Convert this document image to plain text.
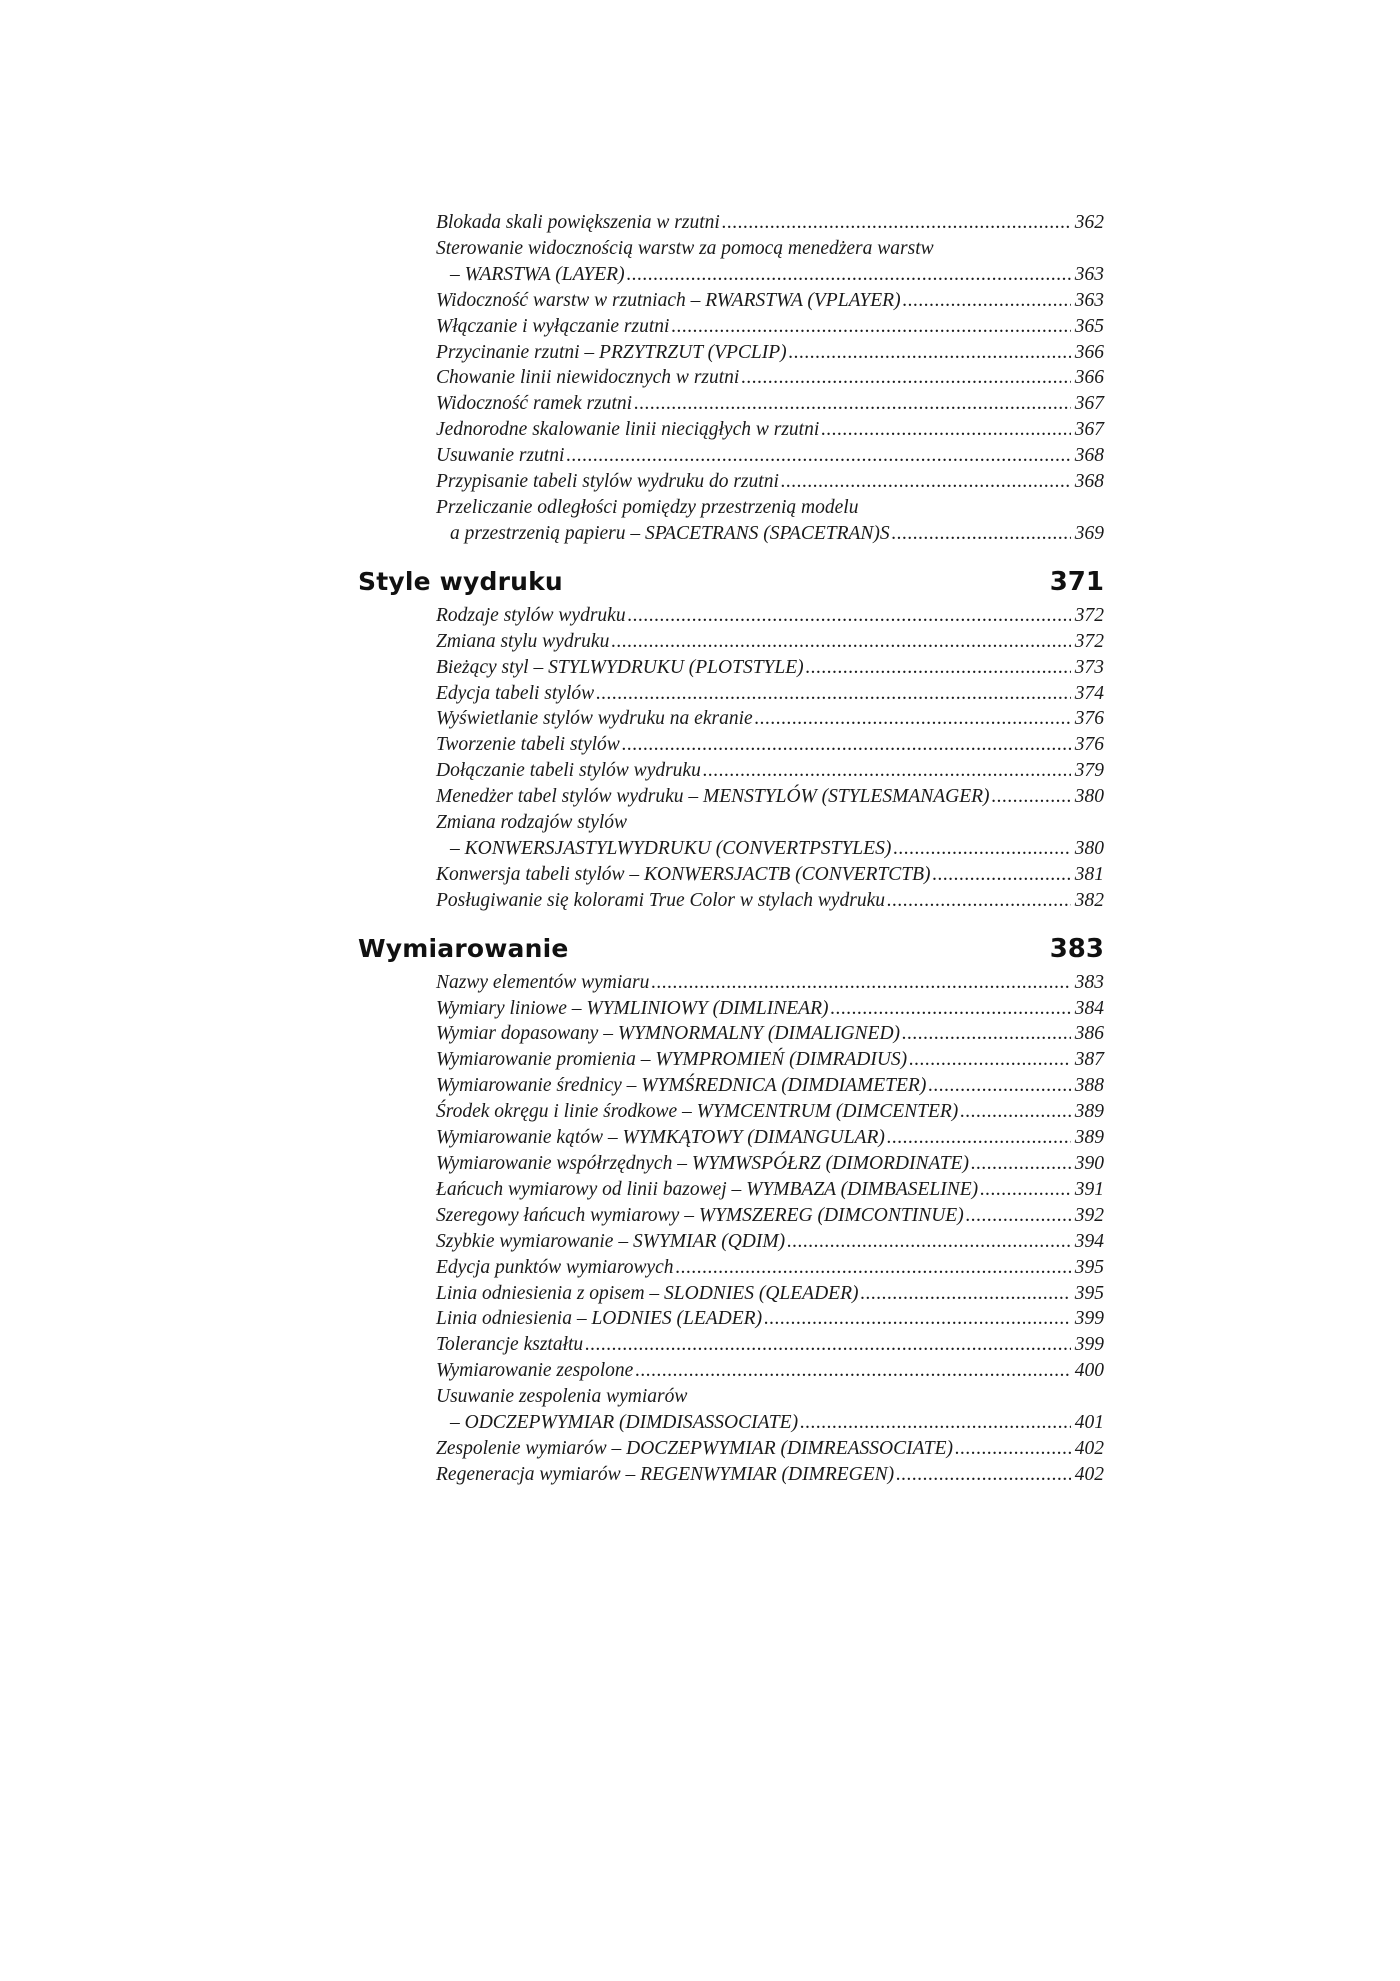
Blokada skali powiększenia w rzutni .....	362
Sterowanie widocznością warstw za pomocą menedżera warstw
– WARSTWA (LAYER) .....	363
Widoczność warstw w rzutniach – RWARSTWA (VPLAYER) .....	363
Włączanie i wyłączanie rzutni .....	365
Przycinanie rzutni – PRZYTRZUT (VPCLIP) .....	366
Chowanie linii niewidocznych w rzutni .....	366
Widoczność ramek rzutni .....	367
Jednorodne skalowanie linii nieciągłych w rzutni .....	367
Usuwanie rzutni .....	368
Przypisanie tabeli stylów wydruku do rzutni .....	368
Przeliczanie odległości pomiędzy przestrzenią modelu
a przestrzenią papieru – SPACETRANS (SPACETRAN)S .....	369
Style wydruku	371
Rodzaje stylów wydruku .....	372
Zmiana stylu wydruku .....	372
Bieżący styl – STYLWYDRUKU (PLOTSTYLE) .....	373
Edycja tabeli stylów .....	374
Wyświetlanie stylów wydruku na ekranie .....	376
Tworzenie tabeli stylów .....	376
Dołączanie tabeli stylów wydruku .....	379
Menedżer tabel stylów wydruku – MENSTYLÓW (STYLESMANAGER) .....	380
Zmiana rodzajów stylów
– KONWERSJASTYLWYDRUKU (CONVERTPSTYLES) .....	380
Konwersja tabeli stylów – KONWERSJACTB (CONVERTCTB) .....	381
Posługiwanie się kolorami True Color w stylach wydruku .....	382
Wymiarowanie	383
Nazwy elementów wymiaru .....	383
Wymiary liniowe – WYMLINIOWY (DIMLINEAR) .....	384
Wymiar dopasowany – WYMNORMALNY (DIMALIGNED) .....	386
Wymiarowanie promienia – WYMPROMIEŃ (DIMRADIUS) .....	387
Wymiarowanie średnicy – WYMŚREDNICA (DIMDIAMETER) .....	388
Środek okręgu i linie środkowe – WYMCENTRUM (DIMCENTER) .....	389
Wymiarowanie kątów – WYMKĄTOWY (DIMANGULAR) .....	389
Wymiarowanie współrzędnych – WYMWSPÓŁRZ (DIMORDINATE) .....	390
Łańcuch wymiarowy od linii bazowej – WYMBAZA (DIMBASELINE) .....	391
Szeregowy łańcuch wymiarowy – WYMSZEREG (DIMCONTINUE) .....	392
Szybkie wymiarowanie – SWYMIAR (QDIM) .....	394
Edycja punktów wymiarowych .....	395
Linia odniesienia z opisem – SLODNIES (QLEADER) .....	395
Linia odniesienia – LODNIES (LEADER) .....	399
Tolerancje kształtu .....	399
Wymiarowanie zespolone .....	400
Usuwanie zespolenia wymiarów
– ODCZEPWYMIAR (DIMDISASSOCIATE) .....	401
Zespolenie wymiarów – DOCZEPWYMIAR (DIMREASSOCIATE) .....	402
Regeneracja wymiarów – REGENWYMIAR (DIMREGEN) .....	402
